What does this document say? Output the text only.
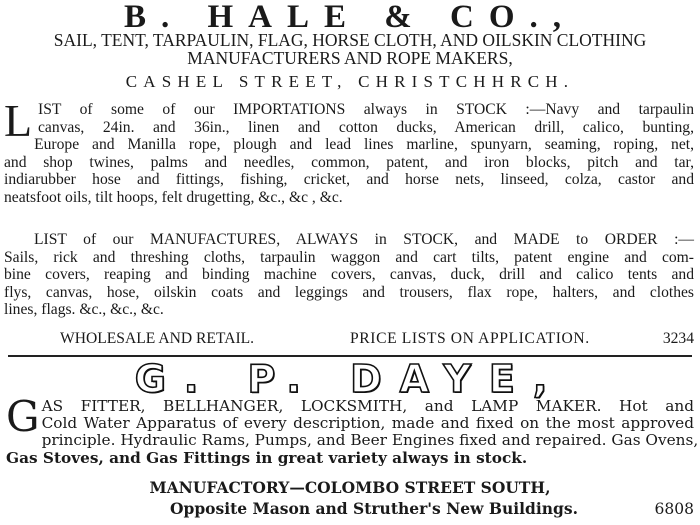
B. HALE & CO.,
SAIL, TENT, TARPAULIN, FLAG, HORSE CLOTH, AND OILSKIN CLOTHING
MANUFACTURERS AND ROPE MAKERS,
CASHEL STREET, CHRISTCHHRCH.
L IST of some of our IMPORTATIONS always in STOCK :—Navy and tarpaulin
canvas, 24in. and 36in., linen and cotton ducks, American drill, calico, bunting,
Europe and Manilla rope, plough and lead lines marline, spunyarn, seaming, roping, net,
and shop twines, palms and needles, common, patent, and iron blocks, pitch and tar,
indiarubber hose and fittings, fishing, cricket, and horse nets, linseed, colza, castor and
neatsfoot oils, tilt hoops, felt drugetting, &c., &c , &c.
LIST of our MANUFACTURES, ALWAYS in STOCK, and MADE to ORDER :—
Sails, rick and threshing cloths, tarpaulin waggon and cart tilts, patent engine and com-
bine covers, reaping and binding machine covers, canvas, duck, drill and calico tents and
flys, canvas, hose, oilskin coats and leggings and trousers, flax rope, halters, and clothes
lines, flags. &c., &c., &c.
WHOLESALE AND RETAIL.	PRICE LISTS ON APPLICATION.	3234
G. P. DAYE,
G AS FITTER, BELLHANGER, LOCKSMITH, and LAMP MAKER. Hot and
Cold Water Apparatus of every description, made and fixed on the most approved
principle. Hydraulic Rams, Pumps, and Beer Engines fixed and repaired. Gas Ovens,
Gas Stoves, and Gas Fittings in great variety always in stock.
MANUFACTORY—COLOMBO STREET SOUTH,
Opposite Mason and Struther's New Buildings.	6808
